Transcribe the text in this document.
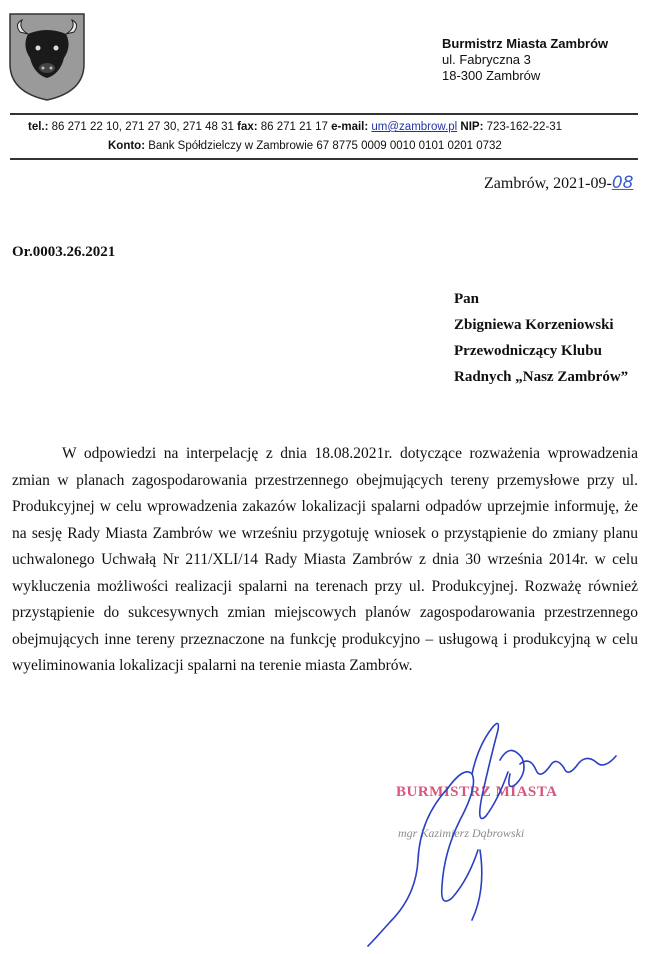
Burmistrz Miasta Zambrów
ul. Fabryczna 3
18-300 Zambrów
tel.: 86 271 22 10, 271 27 30, 271 48 31 fax: 86 271 21 17 e-mail: um@zambrow.pl NIP: 723-162-22-31
Konto: Bank Spółdzielczy w Zambrowie 67 8775 0009 0010 0101 0201 0732
Zambrów, 2021-09-08
Or.0003.26.2021
Pan
Zbigniewa Korzeniowski
Przewodniczący Klubu
Radnych „Nasz Zambrów”
W odpowiedzi na interpelację z dnia 18.08.2021r. dotyczące rozważenia wprowadzenia zmian w planach zagospodarowania przestrzennego obejmujących tereny przemysłowe przy ul. Produkcyjnej w celu wprowadzenia zakazów lokalizacji spalarni odpadów uprzejmie informuję, że na sesję Rady Miasta Zambrów we wrześniu przygotuję wniosek o przystąpienie do zmiany planu uchwalonego Uchwałą Nr 211/XLI/14 Rady Miasta Zambrów z dnia 30 września 2014r. w celu wykluczenia możliwości realizacji spalarni na terenach przy ul. Produkcyjnej. Rozważę również przystąpienie do sukcesywnych zmian miejscowych planów zagospodarowania przestrzennego obejmujących inne tereny przeznaczone na funkcję produkcyjno – usługową i produkcyjną w celu wyeliminowania lokalizacji spalarni na terenie miasta Zambrów.
BURMISTRZ MIASTA
mgr Kazimierz Dąbrowski
